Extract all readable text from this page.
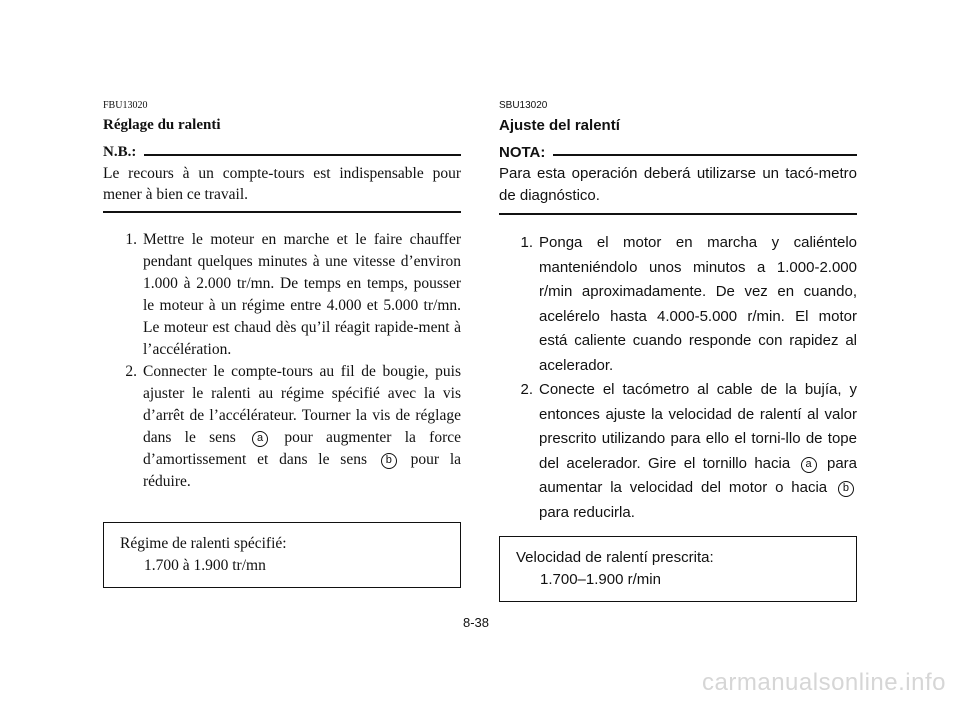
FBU13020
Réglage du ralenti
N.B.:
Le recours à un compte-tours est indispensable pour mener à bien ce travail.
1. Mettre le moteur en marche et le faire chauffer pendant quelques minutes à une vitesse d’environ 1.000 à 2.000 tr/mn. De temps en temps, pousser le moteur à un régime entre 4.000 et 5.000 tr/mn. Le moteur est chaud dès qu’il réagit rapide-ment à l’accélération.
2. Connecter le compte-tours au fil de bougie, puis ajuster le ralenti au régime spécifié avec la vis d’arrêt de l’accélérateur. Tourner la vis de réglage dans le sens a pour augmenter la force d’amortissement et dans le sens b pour la réduire.
Régime de ralenti spécifié:
1.700 à 1.900 tr/mn
SBU13020
Ajuste del ralentí
NOTA:
Para esta operación deberá utilizarse un tacó-metro de diagnóstico.
1. Ponga el motor en marcha y caliéntelo manteniéndolo unos minutos a 1.000-2.000 r/min aproximadamente. De vez en cuando, acelérelo hasta 4.000-5.000 r/min. El motor está caliente cuando responde con rapidez al acelerador.
2. Conecte el tacómetro al cable de la bujía, y entonces ajuste la velocidad de ralentí al valor prescrito utilizando para ello el torni-llo de tope del acelerador. Gire el tornillo hacia a para aumentar la velocidad del motor o hacia b para reducirla.
Velocidad de ralentí prescrita:
1.700–1.900 r/min
8-38
carmanualsonline.info
